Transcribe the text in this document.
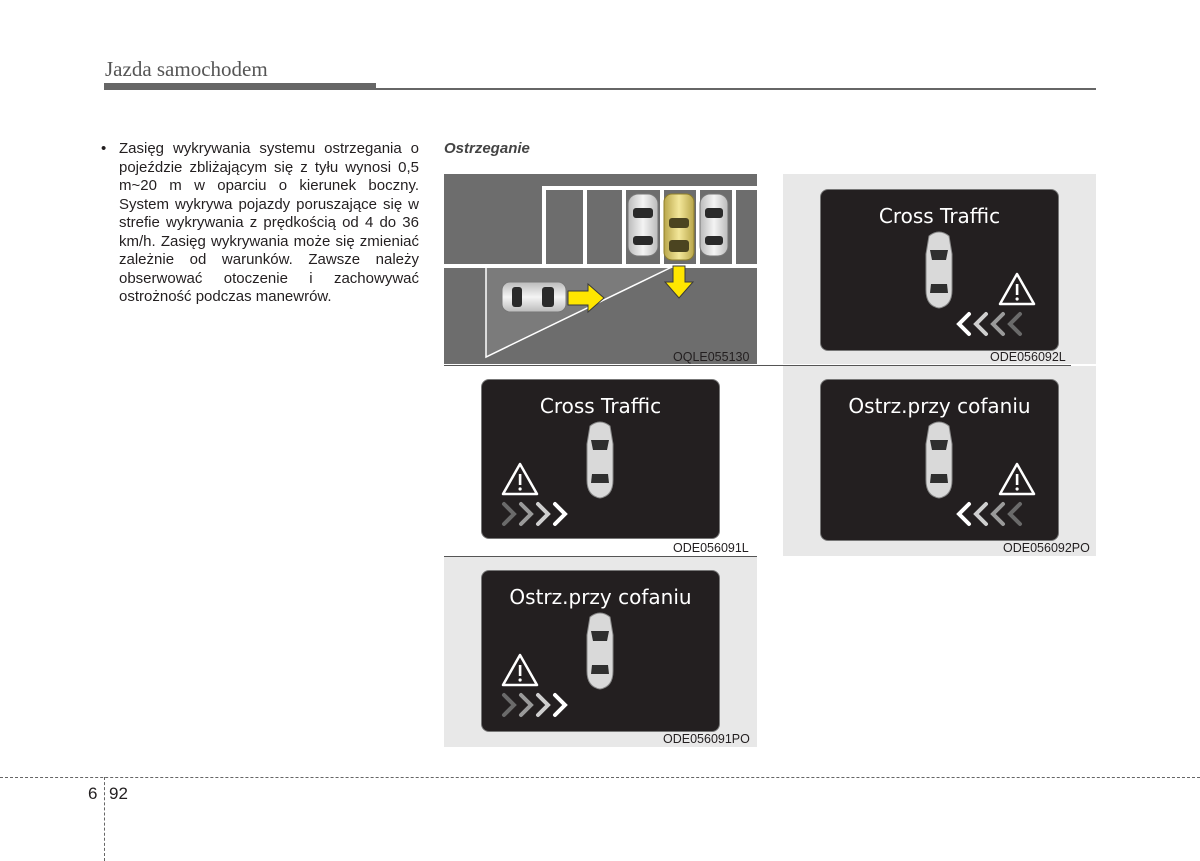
Jazda samochodem
• Zasięg wykrywania systemu ostrzegania o pojeździe zbliżającym się z tyłu wynosi 0,5 m~20 m w oparciu o kierunek boczny. System wykrywa pojazdy poruszające się w strefie wykrywania z prędkością od 4 do 36 km/h. Zasięg wykrywania może się zmieniać zależnie od warunków. Zawsze należy obserwować otoczenie i zachowywać ostrożność podczas manewrów.
Ostrzeganie
OQLE055130
Cross Traffic
ODE056092L
Cross Traffic
ODE056091L
Ostrz.przy cofaniu
ODE056092PO
Ostrz.przy cofaniu
ODE056091PO
6 92
